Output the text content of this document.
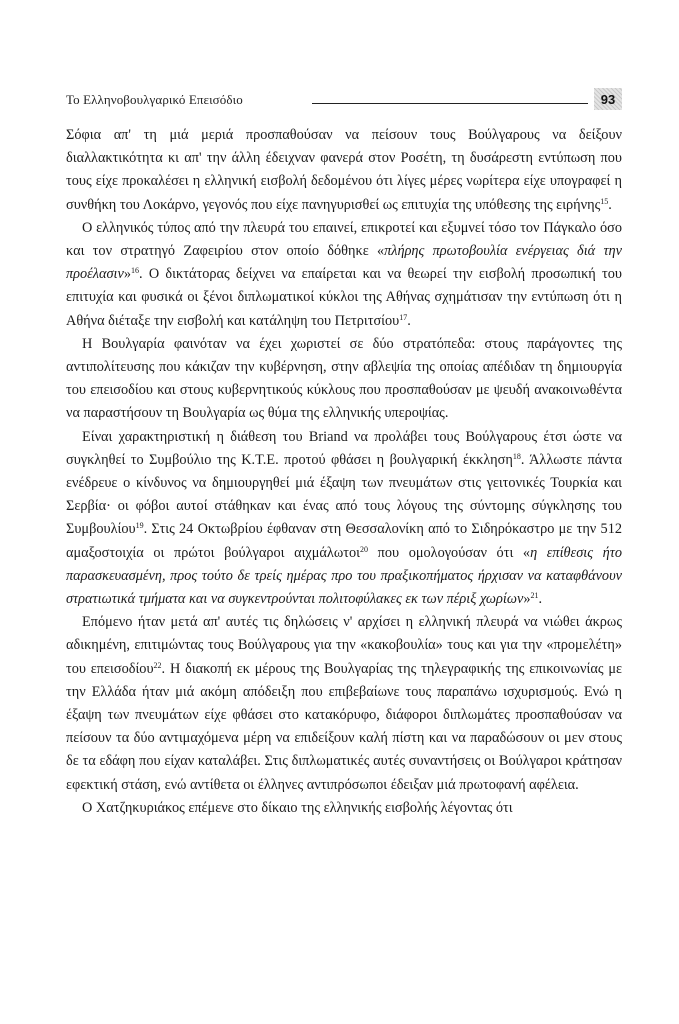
Το Ελληνοβουλγαρικό Επεισόδιο	93

Σόφια απ' τη μιά μεριά προσπαθούσαν να πείσουν τους Βούλγαρους να δείξουν διαλλακτικότητα κι απ' την άλλη έδειχναν φανερά στον Ροσέτη, τη δυσάρεστη εντύπωση που τους είχε προκαλέσει η ελληνική εισβολή δεδομένου ότι λίγες μέρες νωρίτερα είχε υπογραφεί η συνθήκη του Λοκάρνο, γεγονός που είχε πανηγυρισθεί ως επιτυχία της υπόθεσης της ειρήνης$^{15}$.

Ο ελληνικός τύπος από την πλευρά του επαινεί, επικροτεί και εξυμνεί τόσο τον Πάγκαλο όσο και τον στρατηγό Ζαφειρίου στον οποίο δόθηκε «πλήρης πρωτοβουλία ενέργειας διά την προέλασιν»$^{16}$. Ο δικτάτορας δείχνει να επαίρεται και να θεωρεί την εισβολή προσωπική του επιτυχία και φυσικά οι ξένοι διπλωματικοί κύκλοι της Αθήνας σχημάτισαν την εντύπωση ότι η Αθήνα διέταξε την εισβολή και κατάληψη του Πετριτσίου$^{17}$.

Η Βουλγαρία φαινόταν να έχει χωριστεί σε δύο στρατόπεδα: στους παράγοντες της αντιπολίτευσης που κάκιζαν την κυβέρνηση, στην αβλεψία της οποίας απέδιδαν τη δημιουργία του επεισοδίου και στους κυβερνητικούς κύκλους που προσπαθούσαν με ψευδή ανακοινωθέντα να παραστήσουν τη Βουλγαρία ως θύμα της ελληνικής υπεροψίας.

Είναι χαρακτηριστική η διάθεση του Briand να προλάβει τους Βούλγαρους έτσι ώστε να συγκληθεί το Συμβούλιο της Κ.Τ.Ε. προτού φθάσει η βουλγαρική έκκληση$^{18}$. Άλλωστε πάντα ενέδρευε ο κίνδυνος να δημιουργηθεί μιά έξαψη των πνευμάτων στις γειτονικές Τουρκία και Σερβία· οι φόβοι αυτοί στάθηκαν και ένας από τους λόγους της σύντομης σύγκλησης του Συμβουλίου$^{19}$. Στις 24 Οκτωβρίου έφθαναν στη Θεσσαλονίκη από το Σιδηρόκαστρο με την 512 αμαξοστοιχία οι πρώτοι βούλγαροι αιχμάλωτοι$^{20}$ που ομολογούσαν ότι «η επίθεσις ήτο παρασκευασμένη, προς τούτο δε τρείς ημέρας προ του πραξικοπήματος ήρχισαν να καταφθάνουν στρατιωτικά τμήματα και να συγκεντρούνται πολιτοφύλακες εκ των πέριξ χωρίων»$^{21}$.

Επόμενο ήταν μετά απ' αυτές τις δηλώσεις ν' αρχίσει η ελληνική πλευρά να νιώθει άκρως αδικημένη, επιτιμώντας τους Βούλγαρους για την «κακοβουλία» τους και για την «προμελέτη» του επεισοδίου$^{22}$. Η διακοπή εκ μέρους της Βουλγαρίας της τηλεγραφικής της επικοινωνίας με την Ελλάδα ήταν μιά ακόμη απόδειξη που επιβεβαίωνε τους παραπάνω ισχυρισμούς. Ενώ η έξαψη των πνευμάτων είχε φθάσει στο κατακόρυφο, διάφοροι διπλωμάτες προσπαθούσαν να πείσουν τα δύο αντιμαχόμενα μέρη να επιδείξουν καλή πίστη και να παραδώσουν οι μεν στους δε τα εδάφη που είχαν καταλάβει. Στις διπλωματικές αυτές συναντήσεις οι Βούλγαροι κράτησαν εφεκτική στάση, ενώ αντίθετα οι έλληνες αντιπρόσωποι έδειξαν μιά πρωτοφανή αφέλεια.

Ο Χατζηκυριάκος επέμενε στο δίκαιο της ελληνικής εισβολής λέγοντας ότι
